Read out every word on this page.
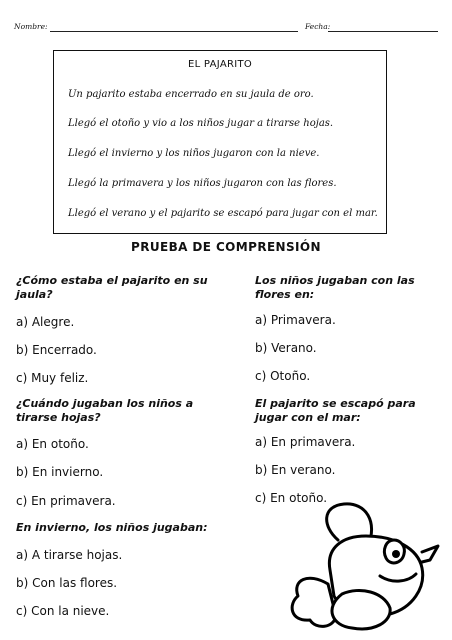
Nombre:	Fecha:
EL PAJARITO
Un pajarito estaba encerrado en su jaula de oro.
Llegó el otoño y vio a los niños jugar a tirarse hojas.
Llegó el invierno y los niños jugaron con la nieve.
Llegó la primavera y los niños jugaron con las flores.
Llegó el verano y el pajarito se escapó para jugar con el mar.
PRUEBA DE COMPRENSIÓN
¿Cómo estaba el pajarito en su
jaula?
a) Alegre.
b) Encerrado.
c) Muy feliz.
¿Cuándo jugaban los niños a
tirarse hojas?
a) En otoño.
b) En invierno.
c) En primavera.
En invierno, los niños jugaban:
a) A tirarse hojas.
b) Con las flores.
c) Con la nieve.
Los niños jugaban con las
flores en:
a) Primavera.
b) Verano.
c) Otoño.
El pajarito se escapó para
jugar con el mar:
a) En primavera.
b) En verano.
c) En otoño.
